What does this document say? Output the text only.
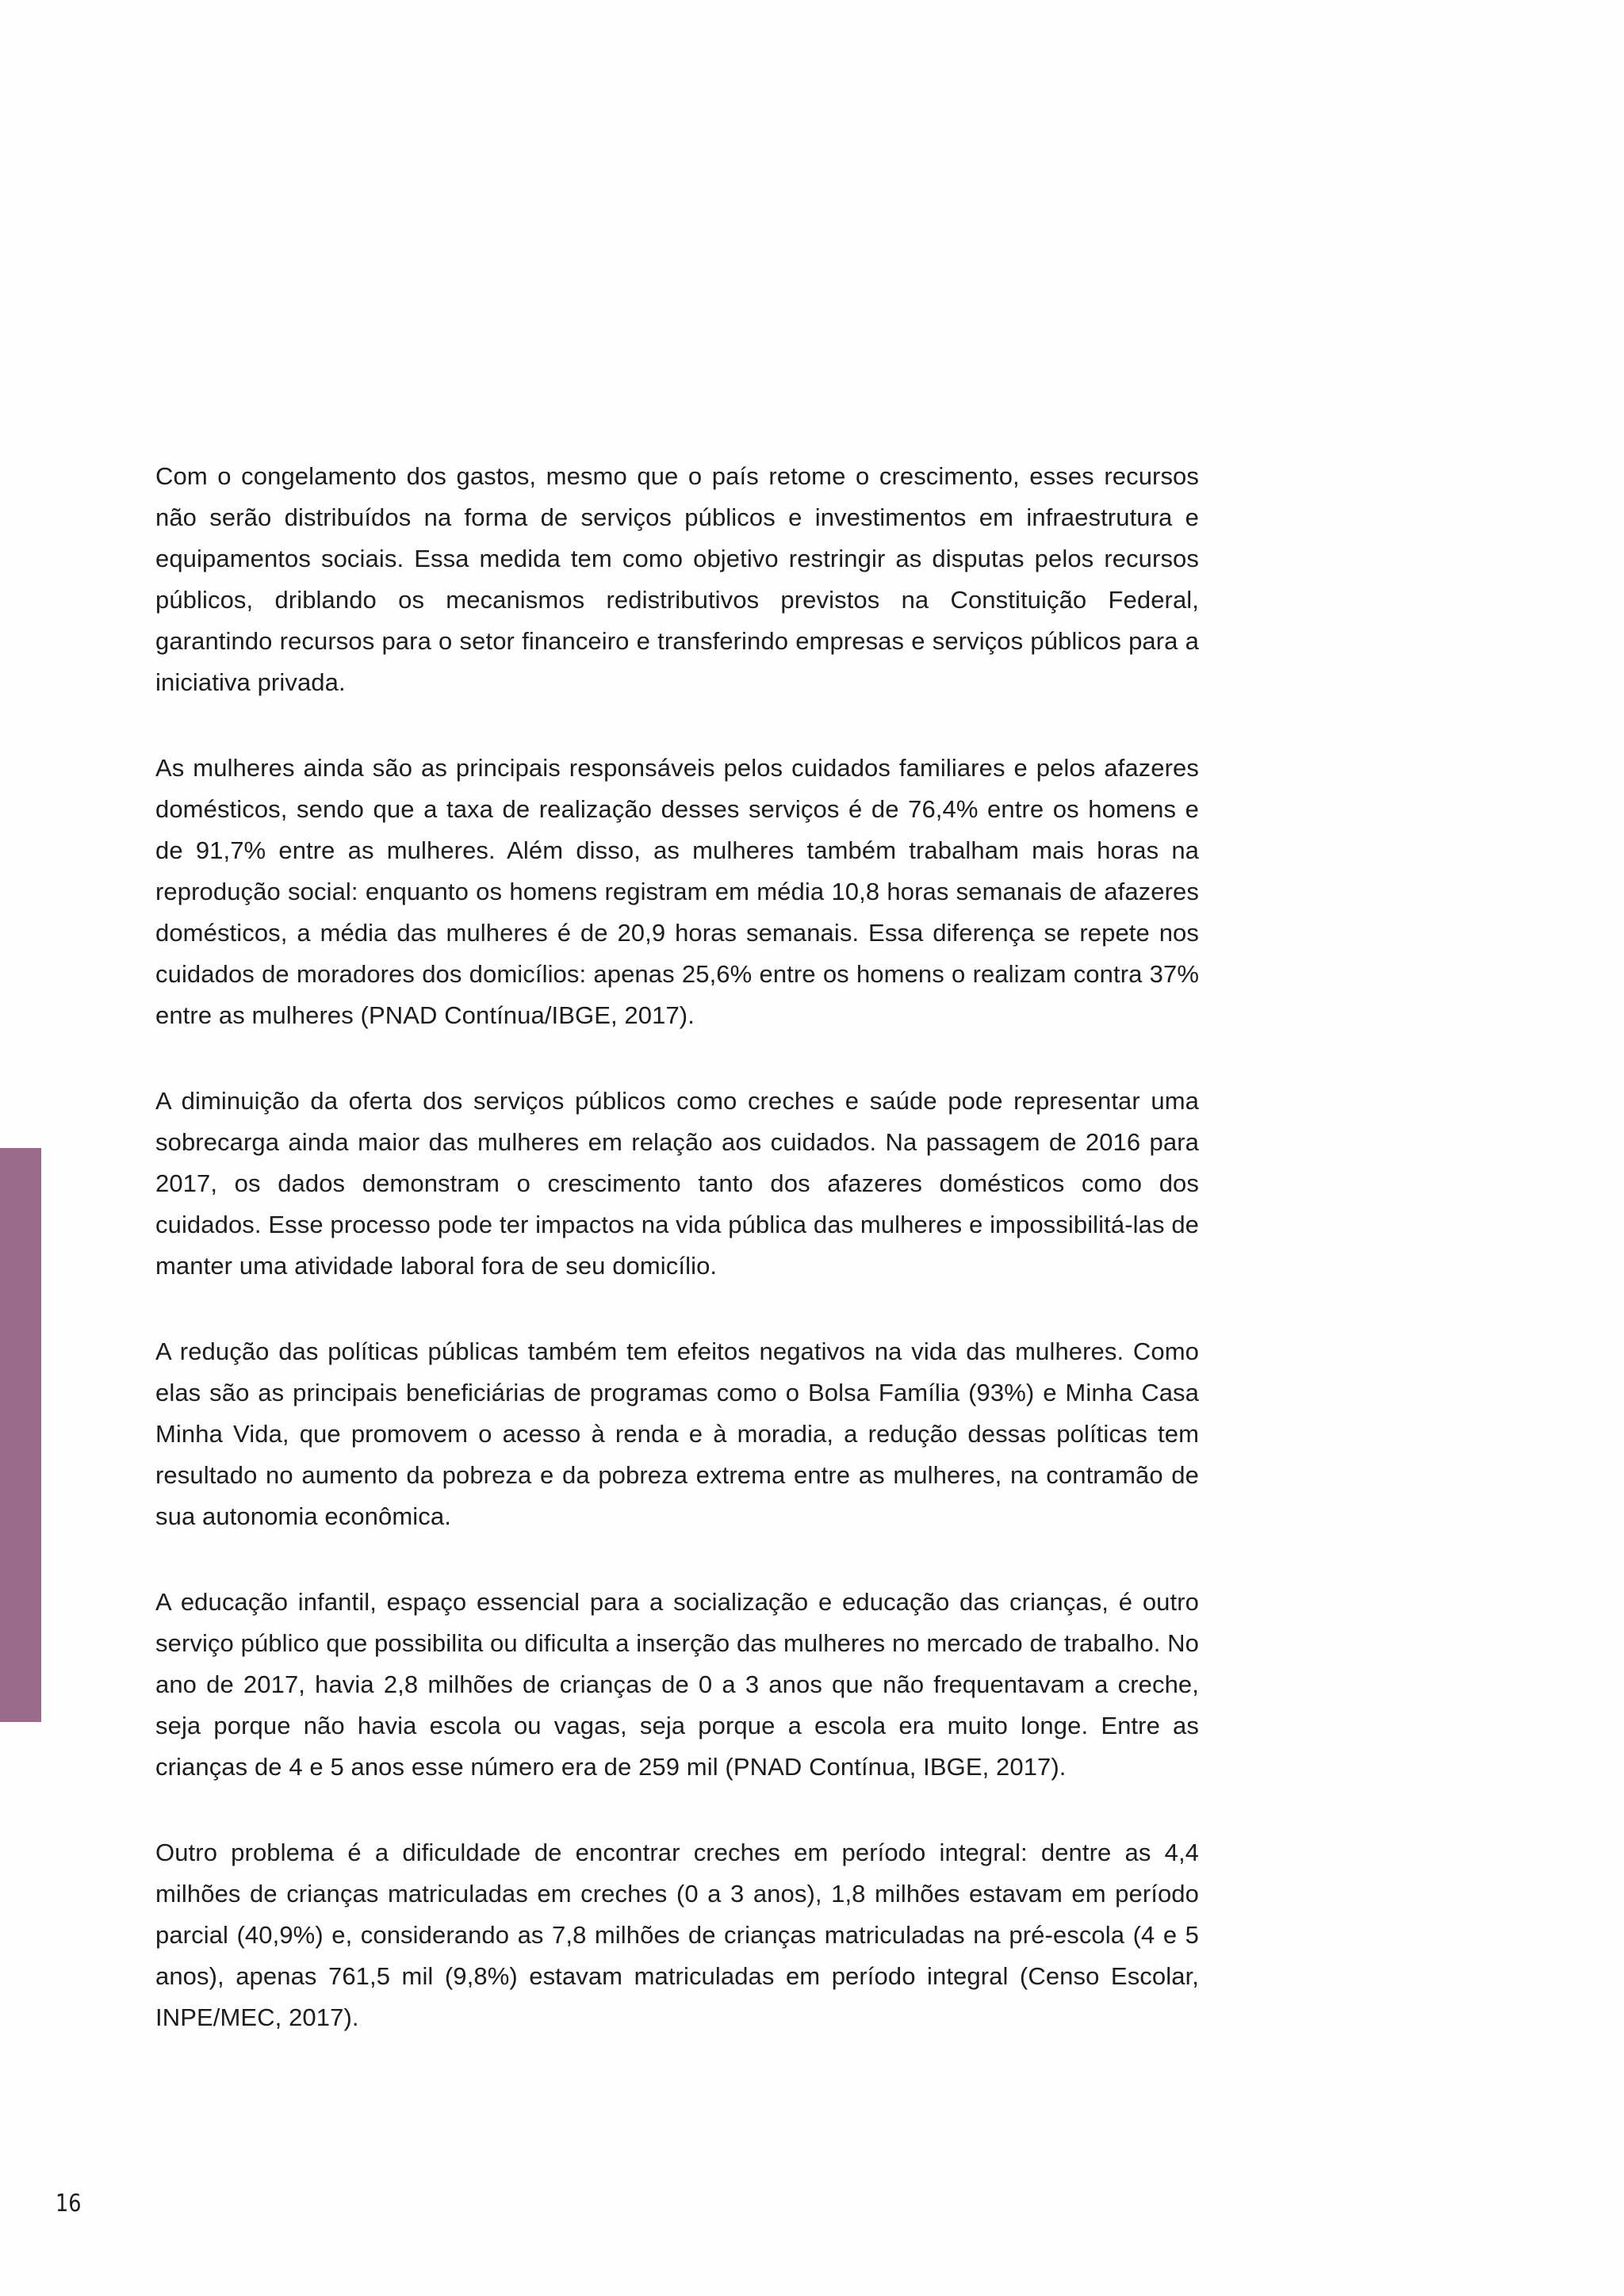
Com o congelamento dos gastos, mesmo que o país retome o crescimento, esses recursos não serão distribuídos na forma de serviços públicos e investimentos em infraestrutura e equipamentos sociais. Essa medida tem como objetivo restringir as disputas pelos recursos públicos, driblando os mecanismos redistributivos previstos na Constituição Federal, garantindo recursos para o setor financeiro e transferindo empresas e serviços públicos para a iniciativa privada.

As mulheres ainda são as principais responsáveis pelos cuidados familiares e pelos afazeres domésticos, sendo que a taxa de realização desses serviços é de 76,4% entre os homens e de 91,7% entre as mulheres. Além disso, as mulheres também trabalham mais horas na reprodução social: enquanto os homens registram em média 10,8 horas semanais de afazeres domésticos, a média das mulheres é de 20,9 horas semanais. Essa diferença se repete nos cuidados de moradores dos domicílios: apenas 25,6% entre os homens o realizam contra 37% entre as mulheres (PNAD Contínua/IBGE, 2017).

A diminuição da oferta dos serviços públicos como creches e saúde pode representar uma sobrecarga ainda maior das mulheres em relação aos cuidados. Na passagem de 2016 para 2017, os dados demonstram o crescimento tanto dos afazeres domésticos como dos cuidados. Esse processo pode ter impactos na vida pública das mulheres e impossibilitá-las de manter uma atividade laboral fora de seu domicílio.

A redução das políticas públicas também tem efeitos negativos na vida das mulheres. Como elas são as principais beneficiárias de programas como o Bolsa Família (93%) e Minha Casa Minha Vida, que promovem o acesso à renda e à moradia, a redução dessas políticas tem resultado no aumento da pobreza e da pobreza extrema entre as mulheres, na contramão de sua autonomia econômica.

A educação infantil, espaço essencial para a socialização e educação das crianças, é outro serviço público que possibilita ou dificulta a inserção das mulheres no mercado de trabalho. No ano de 2017, havia 2,8 milhões de crianças de 0 a 3 anos que não frequentavam a creche, seja porque não havia escola ou vagas, seja porque a escola era muito longe. Entre as crianças de 4 e 5 anos esse número era de 259 mil (PNAD Contínua, IBGE, 2017).

Outro problema é a dificuldade de encontrar creches em período integral: dentre as 4,4 milhões de crianças matriculadas em creches (0 a 3 anos), 1,8 milhões estavam em período parcial (40,9%) e, considerando as 7,8 milhões de crianças matriculadas na pré-escola (4 e 5 anos), apenas 761,5 mil (9,8%) estavam matriculadas em período integral (Censo Escolar, INPE/MEC, 2017).

16
